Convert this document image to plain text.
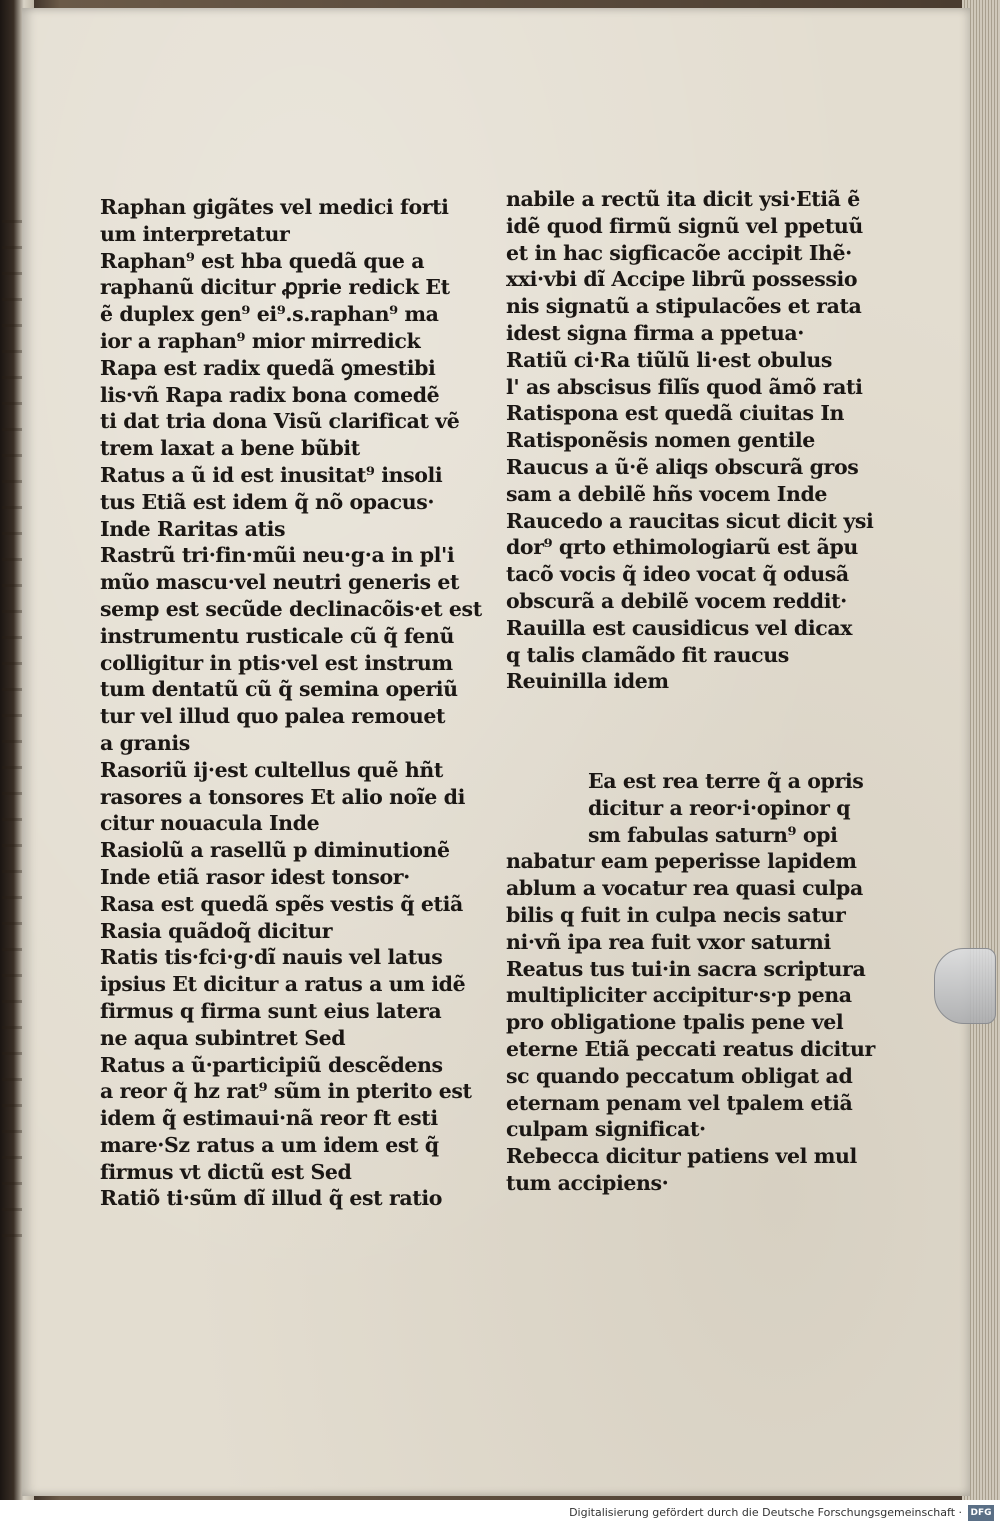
Raphan gigãtes vel medici forti
um interpretatur
Raphan⁹ est hba quedã que a
raphanũ dicitur ꝓprie redick Et
ẽ duplex gen⁹ ei⁹.s.raphan⁹ ma
ior a raphan⁹ mior mirredick
Rapa est radix quedã ꝯmestibi
lis·vñ Rapa radix bona comedẽ
ti dat tria dona Visũ clarificat vẽ
trem laxat a bene bũbit
Ratus a ũ id est inusitat⁹ insoli
tus Etiã est idem q̃ nõ opacus·
Inde Raritas atis
Rastrũ tri·fin·mũi neu·g·a in pl'i
mũo mascu·vel neutri generis et
semp est secũde declinacõis·et est
instrumentu rusticale cũ q̃ fenũ
colligitur in ptis·vel est instrum
tum dentatũ cũ q̃ semina operiũ
tur vel illud quo palea remouet
a granis
Rasoriũ ij·est cultellus quẽ hñt
rasores a tonsores Et alio noĩe di
citur nouacula Inde
Rasiolũ a rasellũ p diminutionẽ
Inde etiã rasor idest tonsor·
Rasa est quedã spẽs vestis q̃ etiã
Rasia quãdoq̃ dicitur
Ratis tis·fci·g·dĩ nauis vel latus
ipsius Et dicitur a ratus a um idẽ
firmus q firma sunt eius latera
ne aqua subintret Sed
Ratus a ũ·participiũ descẽdens
a reor q̃ hz rat⁹ sũm in pterito est
idem q̃ estimaui·nã reor ft esti
mare·Sz ratus a um idem est q̃
firmus vt dictũ est Sed
Ratiõ ti·sũm dĩ illud q̃ est ratio
nabile a rectũ ita dicit ysi·Etiã ẽ
idẽ quod firmũ signũ vel ppetuũ
et in hac sigficacõe accipit Ihẽ·
xxi·vbi dĩ Accipe librũ possessio
nis signatũ a stipulacões et rata
idest signa firma a ppetua·
Ratiũ ci·Ra tiũlũ li·est obulus
l' as abscisus filĩs quod ãmõ rati
Ratispona est quedã ciuitas In
Ratisponẽsis nomen gentile
Raucus a ũ·ẽ aliqs obscurã gros
sam a debilẽ hñs vocem Inde
Raucedo a raucitas sicut dicit ysi
dor⁹ qrto ethimologiarũ est ãpu
tacõ vocis q̃ ideo vocat q̃ odusã
obscurã a debilẽ vocem reddit·
Rauilla est causidicus vel dicax
q talis clamãdo fit raucus
Reuinilla idem
Ea est rea terre q̃ a opris
dicitur a reor·i·opinor q
sm fabulas saturn⁹ opi
nabatur eam peperisse lapidem
ablum a vocatur rea quasi culpa
bilis q fuit in culpa necis satur
ni·vñ ipa rea fuit vxor saturni
Reatus tus tui·in sacra scriptura
multipliciter accipitur·s·p pena
pro obligatione tpalis pene vel
eterne Etiã peccati reatus dicitur
sc quando peccatum obligat ad
eternam penam vel tpalem etiã
culpam significat·
Rebecca dicitur patiens vel mul
tum accipiens·
Digitalisierung gefördert durch die Deutsche Forschungsgemeinschaft · DFG
